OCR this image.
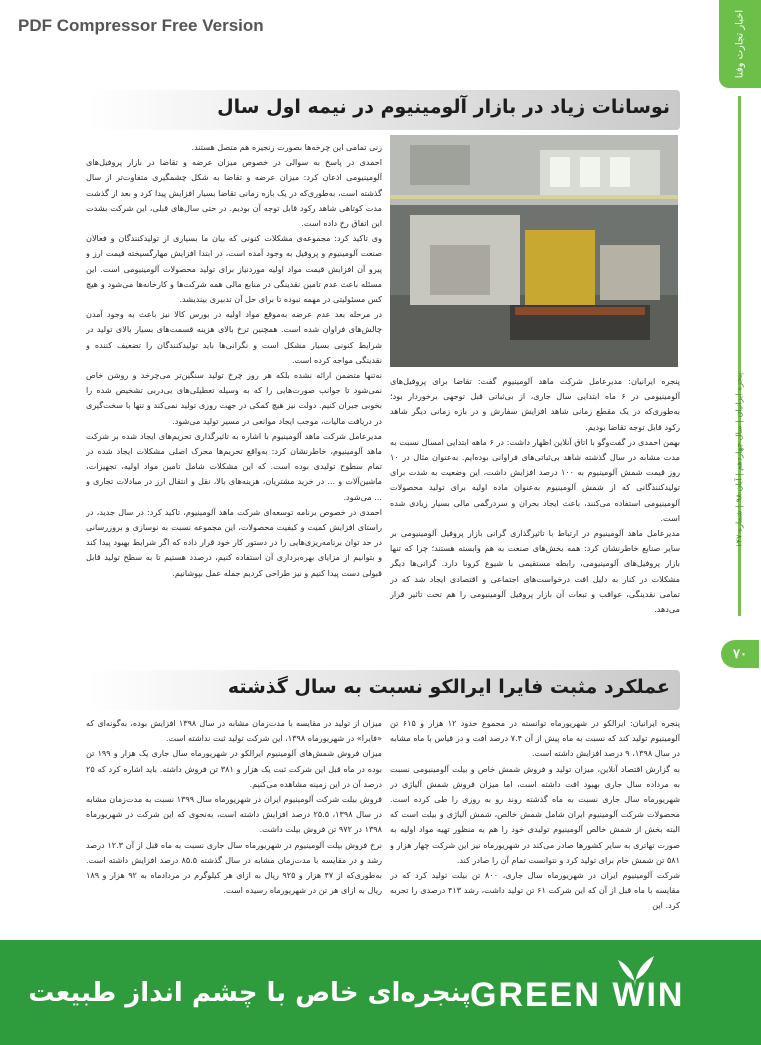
PDF Compressor Free Version	اخبار تجارت وفنا
پنجره ایرانیان | سال چهاردهم | آبان ۹۸ | شماره ۱۴۷
۷۰
نوسانات زیاد در بازار آلومینیوم در نیمه اول سال

زنی تمامی این چرخه‌ها بصورت زنجیره هم متصل هستند.

احمدی در پاسخ به سوالی در خصوص میزان عرضه و تقاضا در بازار پروفیل‌های آلومینیومی اذعان کرد: میزان عرضه و تقاضا به شکل چشمگیری متفاوت‌تر از سال گذشته است، به‌طوری‌که در یک بازه زمانی تقاضا بسیار افزایش پیدا کرد و بعد از گذشت مدت کوتاهی شاهد رکود قابل توجه آن بودیم. در حتی سال‌های قبلی، این شرکت بشدت این اتفاق رخ داده است.

وی تاکید کرد: مجموعه‌ی مشکلات کنونی که بیان ما بسیاری از تولیدکنندگان و فعالان صنعت آلومینیوم و پروفیل به وجود آمده است، در ابتدا افزایش مهارگسیخته قیمت ارز و پیرو آن افزایش قیمت مواد اولیه موردنیاز برای تولید محصولات آلومینیومی است. این مسئله باعث عدم تامین نقدینگی در منابع مالی همه شرکت‌ها و کارخانه‌ها می‌شود و هیچ کس مسئولیتی در مهمه نبوده تا برای حل آن تدبیری بیندیشد.

در مرحله بعد عدم عرضه به‌موقع مواد اولیه در بورس کالا نیز باعث به وجود آمدن چالش‌های فراوان شده است. همچنین ترخ بالای هزینه قسمت‌های بسیار بالای تولید در شرایط کنونی بسیار مشکل است و نگرانی‌ها باید تولیدکنندگان را تضعیف کننده و نقدینگی مواجه کرده است.

نه‌تنها متضمن ارائه نشده بلکه هر روز چرخ تولید سنگین‌تر می‌چرخد و روشن خاص نمی‌شود تا جوانب صورت‌هایی را که به وسیله تعطیلی‌های بی‌دربی تشخیص شده را بخوبی جبران کنیم. دولت نیز هیچ کمکی در جهت روزی تولید نمی‌کند و تنها با سخت‌گیری در دریافت مالیات، موجب ایجاد موانعی در مسیر تولید می‌شود.

مدیرعامل شرکت ماهد آلومینیوم با اشاره به تاثیرگذاری تحریم‌های ایجاد شده بر شرکت ماهد آلومینیوم، خاطرنشان کرد: به‌واقع تحریم‌ها محرک اصلی مشکلات ایجاد شده در تمام سطوح تولیدی بوده است. که این مشکلات شامل تامین مواد اولیه، تجهیزات، ماشین‌آلات و ... در خرید مشتریان، هزینه‌های بالا، نقل و انتقال ارز در مبادلات تجاری و ... می‌شود.

احمدی در خصوص برنامه توسعه‌ای شرکت ماهد آلومینیوم، تاکید کرد: در سال جدید، در راستای افزایش کمیت و کیفیت محصولات، این مجموعه نسبت به نوسازی و بروزرسانی در حد توان برنامه‌ریزی‌هایی را در دستور کار خود قرار داده که اگر شرایط بهبود پیدا کند و بتوانیم از مزایای بهره‌برداری آن استفاده کنیم، درصدد هستیم تا به سطح تولید قابل قبولی دست پیدا کنیم و نیز طراحی کردیم جمله عمل بپوشانیم.

پنجره ایرانیان: مدیرعامل شرکت ماهد آلومینیوم گفت: تقاضا برای پروفیل‌های آلومینیومی در ۶ ماه ابتدایی سال جاری، از بی‌ثباتی قبل توجهی برخوردار بود؛ به‌طوری‌که در یک مقطع زمانی شاهد افزایش سفارش و در بازه زمانی دیگر شاهد رکود قابل توجه تقاضا بودیم.

بهمن احمدی در گفت‌وگو با اتاق آنلاین اظهار داشت: در ۶ ماهه ابتدایی امسال نسبت به مدت مشابه در سال گذشته شاهد بی‌ثباتی‌های فراوانی بوده‌ایم. به‌عنوان مثال در ۱۰ روز قیمت شمش آلومینیوم به ۱۰۰ درصد افزایش داشت، این وضعیت به شدت برای تولیدکنندگانی که از شمش آلومینیوم به‌عنوان ماده اولیه برای تولید محصولات آلومینیومی استفاده می‌کنند، باعث ایجاد بحران و سردرگمی مالی بسیار زیادی شده است.

مدیرعامل ماهد آلومینیوم در ارتباط با تاثیرگذاری گرانی بازار پروفیل آلومینیومی بر سایر صنایع خاطرنشان کرد: همه بخش‌های صنعت به هم وابسته هستند؛ چرا که تنها بازار پروفیل‌های آلومینیومی، رابطه مستقیمی با شیوع کرونا دارد. گرانی‌ها دیگر مشکلات در کنار به دلیل افت درخواست‌های اجتماعی و اقتصادی ایجاد شد که در تمامی نقدینگی، عواقب و تبعات آن بازار پروفیل آلومینیومی را هم تحت تاثیر قرار می‌دهد.

عملکرد مثبت فایرا ایرالکو نسبت به سال گذشته

میزان از تولید در مقایسه با مدت‌زمان مشابه در سال ۱۳۹۸ افزایش بوده، به‌گونه‌ای که «فایرا» در شهریورماه ۱۳۹۸، این شرکت تولید ثبت نداشته است.

میزان فروش شمش‌های آلومینیوم ایرالکو در شهریورماه سال جاری یک هزار و ۱۹۹ تن بوده در ماه قبل این شرکت ثبت یک هزار و ۳۸۱ تن فروش داشته. باید اشاره کرد که ۲۵ درصد آن در این زمینه مشاهده می‌کنیم.

فروش بیلت شرکت آلومینیوم ایران در شهریورماه سال ۱۳۹۹ نسبت به مدت‌زمان مشابه در سال ۱۳۹۸، ۲۵.۵ درصد افزایش داشته است، به‌نحوی که این شرکت در شهریورماه ۱۳۹۸ در ۹۷۲ تن فروش بیلت داشت.

نرخ فروش بیلت آلومینیوم در شهریورماه سال جاری نسبت به ماه قبل از آن ۱۲.۳ درصد رشد و در مقایسه با مدت‌زمان مشابه در سال گذشته ۸۵.۵ درصد افزایش داشته است. به‌طوری‌که از ۴۷ هزار و ۹۲۵ ریال به ازای هر کیلوگرم در مردادماه به ۹۲ هزار و ۱۸۹ ریال به ازای هر تن در شهریورماه رسیده است.

پنجره ایرانیان: ایرالکو در شهریورماه توانسته در مجموع حدود ۱۲ هزار و ۶۱۵ تن آلومینیوم تولید کند که نسبت به ماه پیش از آن ۷.۴ درصد افت و در قیاس با ماه مشابه در سال ۱۳۹۸، ۹ درصد افزایش داشته است.

به گزارش اقتصاد آنلاین، میزان تولید و فروش شمش خاص و بیلت آلومینیومی نسبت به مرداده سال جاری بهبود افت داشته است، اما میزان فروش شمش آلیاژی در شهریورماه سال جاری نسبت به ماه گذشته روند رو به روزی را طی کرده است. محصولات شرکت آلومینیوم ایران شامل شمش خالص، شمش آلیاژی و بیلت است که البته بخش از شمش خالص آلومینیوم تولیدی خود را هم به منظور تهیه مواد اولیه به صورت تهاتری به سایر کشورها صادر می‌کند در شهریورماه نیز این شرکت چهار هزار و ۵۸۱ تن شمش خام برای تولید کرد و نتوانست تمام آن را صادر کند.

شرکت آلومینیوم ایران در شهریورماه سال جاری، ۸۰۰ تن بیلت تولید کرد که در مقایسه با ماه قبل از آن که این شرکت ۶۱ تن تولید داشت، رشد ۴۱۳ درصدی را تجربه کرد. این

پنجره‌ای خاص با چشم انداز طبیعت GREEN WIN
